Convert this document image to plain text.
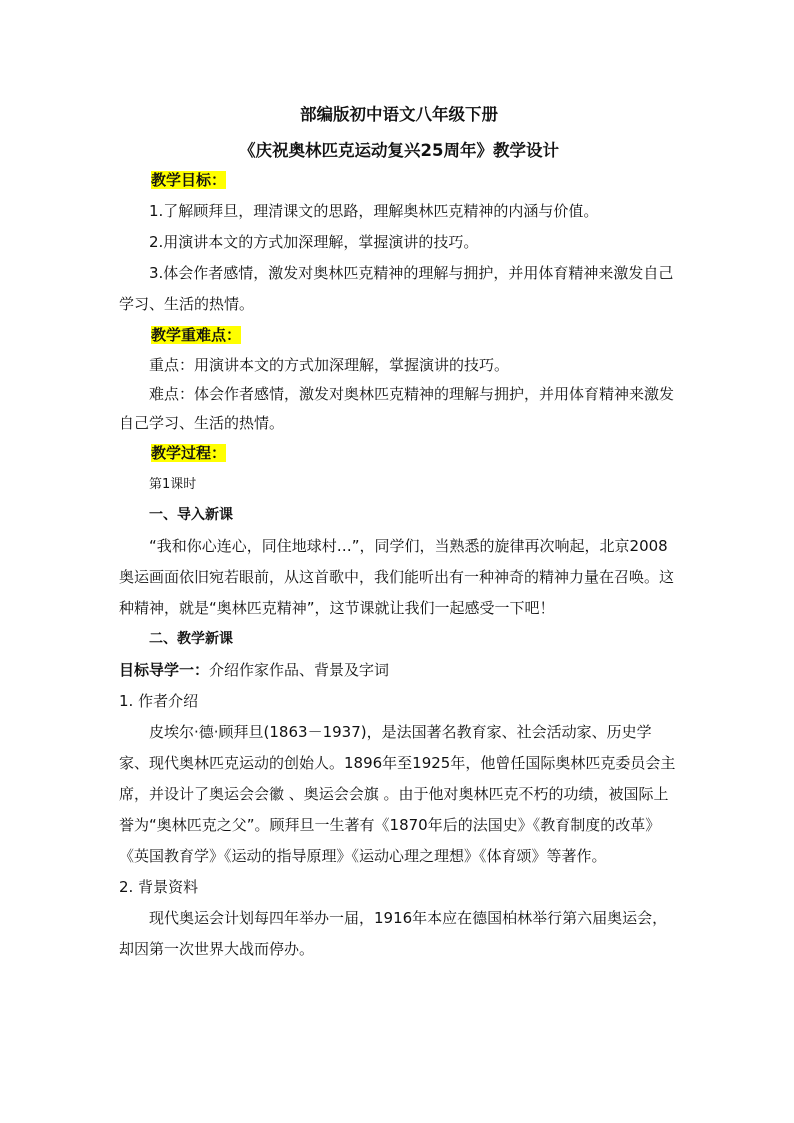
部编版初中语文八年级下册

《庆祝奥林匹克运动复兴25周年》教学设计

教学目标：

1.了解顾拜旦，理清课文的思路，理解奥林匹克精神的内涵与价值。

2.用演讲本文的方式加深理解，掌握演讲的技巧。

3.体会作者感情，激发对奥林匹克精神的理解与拥护，并用体育精神来激发自己学习、生活的热情。

教学重难点：

重点：用演讲本文的方式加深理解，掌握演讲的技巧。

难点：体会作者感情，激发对奥林匹克精神的理解与拥护，并用体育精神来激发自己学习、生活的热情。

教学过程：

第1课时

一、导入新课

“我和你心连心，同住地球村…”，同学们，当熟悉的旋律再次响起，北京2008奥运画面依旧宛若眼前，从这首歌中，我们能听出有一种神奇的精神力量在召唤。这种精神，就是“奥林匹克精神”，这节课就让我们一起感受一下吧！

二、教学新课

目标导学一：介绍作家作品、背景及字词

1. 作者介绍

皮埃尔·德·顾拜旦(1863－1937)，是法国著名教育家、社会活动家、历史学家、现代奥林匹克运动的创始人。1896年至1925年，他曾任国际奥林匹克委员会主席，并设计了奥运会会徽 、奥运会会旗 。由于他对奥林匹克不朽的功绩，被国际上誉为“奥林匹克之父”。顾拜旦一生著有《1870年后的法国史》《教育制度的改革》《英国教育学》《运动的指导原理》《运动心理之理想》《体育颂》等著作。

2. 背景资料

现代奥运会计划每四年举办一届，1916年本应在德国柏林举行第六届奥运会，却因第一次世界大战而停办。
